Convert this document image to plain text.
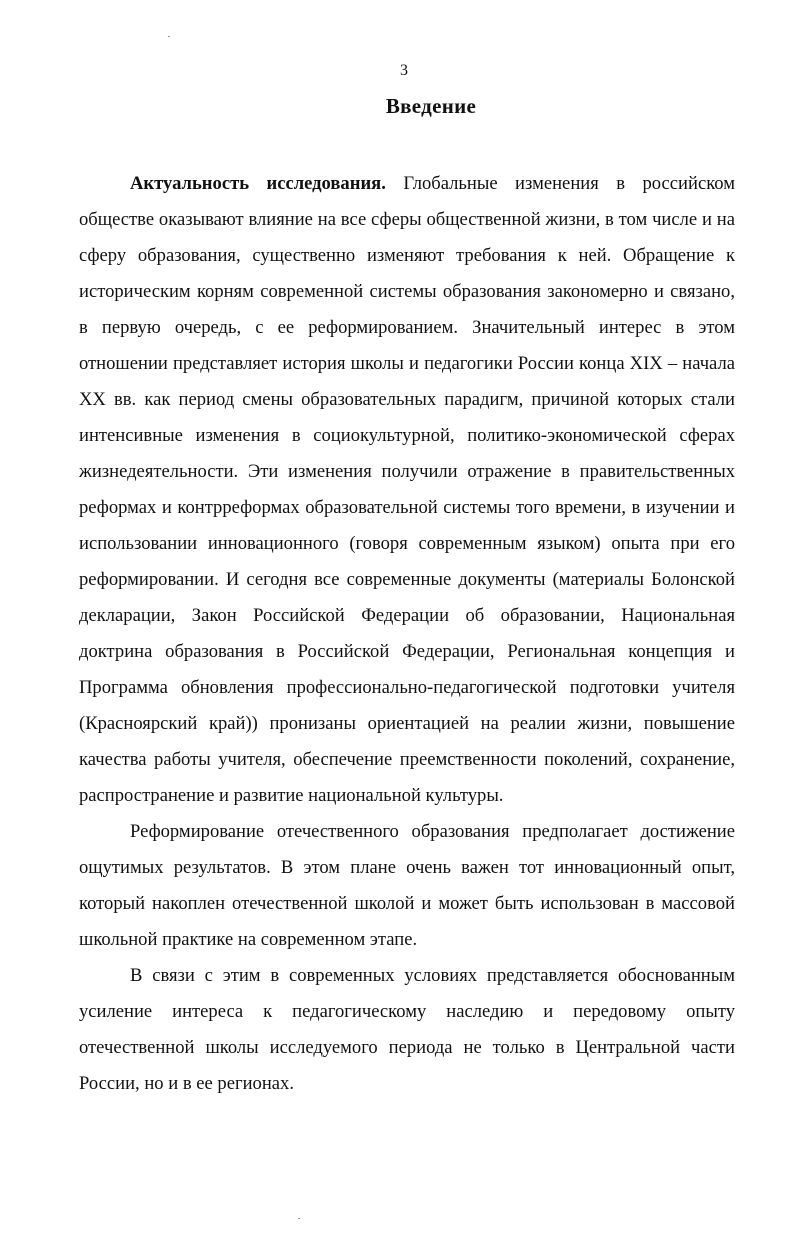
3
Введение

Актуальность исследования. Глобальные изменения в российском обществе оказывают влияние на все сферы общественной жизни, в том числе и на сферу образования, существенно изменяют требования к ней. Обращение к историческим корням современной системы образования закономерно и связано, в первую очередь, с ее реформированием. Значительный интерес в этом отношении представляет история школы и педагогики России конца XIX – начала XX вв. как период смены образовательных парадигм, причиной которых стали интенсивные изменения в социокультурной, политико-экономической сферах жизнедеятельности. Эти изменения получили отражение в правительственных реформах и контрреформах образовательной системы того времени, в изучении и использовании инновационного (говоря современным языком) опыта при его реформировании. И сегодня все современные документы (материалы Болонской декларации, Закон Российской Федерации об образовании, Национальная доктрина образования в Российской Федерации, Региональная концепция и Программа обновления профессионально-педагогической подготовки учителя (Красноярский край)) пронизаны ориентацией на реалии жизни, повышение качества работы учителя, обеспечение преемственности поколений, сохранение, распространение и развитие национальной культуры.

Реформирование отечественного образования предполагает достижение ощутимых результатов. В этом плане очень важен тот инновационный опыт, который накоплен отечественной школой и может быть использован в массовой школьной практике на современном этапе.

В связи с этим в современных условиях представляется обоснованным усиление интереса к педагогическому наследию и передовому опыту отечественной школы исследуемого периода не только в Центральной части России, но и в ее регионах.
